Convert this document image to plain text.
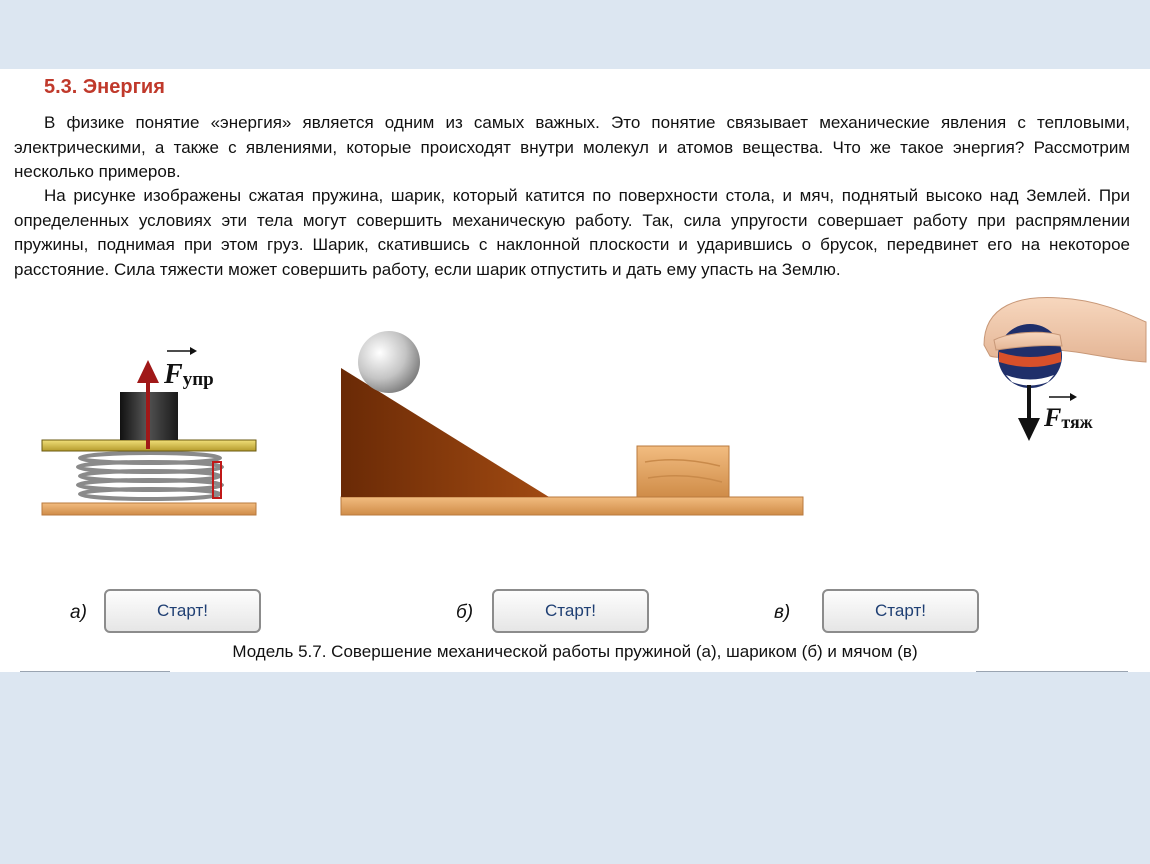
5.3. Энергия

В физике понятие «энергия» является одним из самых важных. Это понятие связывает механические явления с тепловыми, электрическими, а также с явлениями, которые происходят внутри молекул и атомов вещества. Что же такое энергия? Рассмотрим несколько примеров.

На рисунке изображены сжатая пружина, шарик, который катится по поверхности стола, и мяч, поднятый высоко над Землей. При определенных условиях эти тела могут совершить механическую работу. Так, сила упругости совершает работу при распрямлении пружины, поднимая при этом груз. Шарик, скатившись с наклонной плоскости и ударившись о брусок, передвинет его на некоторое расстояние. Сила тяжести может совершить работу, если шарик отпустить и дать ему упасть на Землю.

Fупр
Fтяж
а)	Старт!	б)	Старт!	в)	Старт!

Модель 5.7. Совершение механической работы пружиной (а), шариком (б) и мячом (в)
